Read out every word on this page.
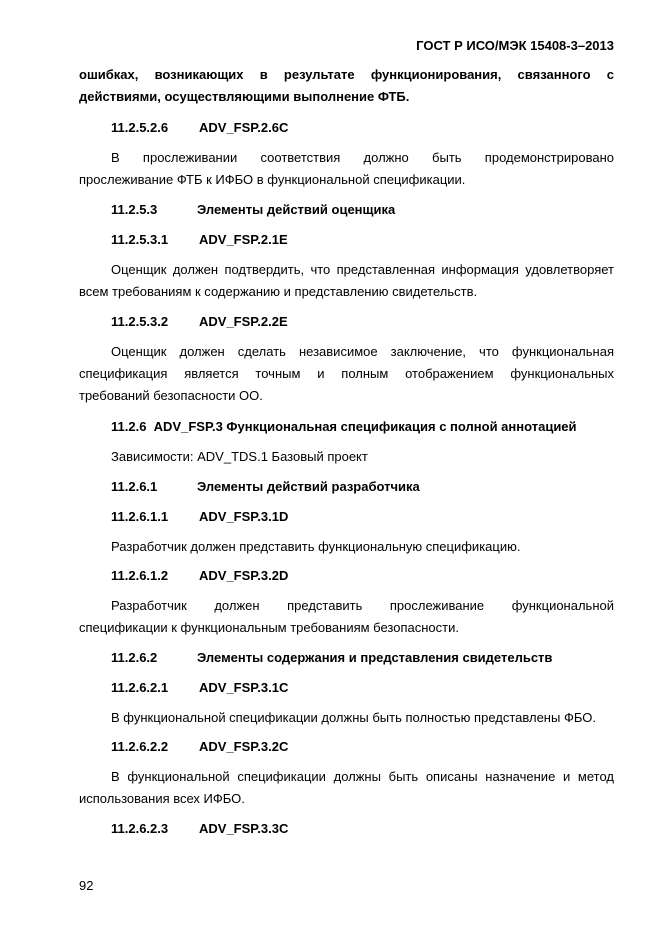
ГОСТ Р ИСО/МЭК 15408-3–2013
ошибках, возникающих в результате функционирования, связанного с
действиями, осуществляющими выполнение ФТБ.
11.2.5.2.6 ADV_FSP.2.6C
В прослеживании соответствия должно быть продемонстрировано
прослеживание ФТБ к ИФБО в функциональной спецификации.
11.2.5.3	Элементы действий оценщика
11.2.5.3.1 ADV_FSP.2.1E
Оценщик должен подтвердить, что представленная информация удовлетворяет
всем требованиям к содержанию и представлению свидетельств.
11.2.5.3.2 ADV_FSP.2.2E
Оценщик должен сделать независимое заключение, что функциональная
спецификация является точным и полным отображением функциональных
требований безопасности ОО.
11.2.6 ADV_FSP.3 Функциональная спецификация с полной аннотацией
Зависимости: ADV_TDS.1 Базовый проект
11.2.6.1	Элементы действий разработчика
11.2.6.1.1 ADV_FSP.3.1D
Разработчик должен представить функциональную спецификацию.
11.2.6.1.2 ADV_FSP.3.2D
Разработчик должен представить прослеживание функциональной
спецификации к функциональным требованиям безопасности.
11.2.6.2	Элементы содержания и представления свидетельств
11.2.6.2.1 ADV_FSP.3.1C
В функциональной спецификации должны быть полностью представлены ФБО.
11.2.6.2.2 ADV_FSP.3.2C
В функциональной спецификации должны быть описаны назначение и метод
использования всех ИФБО.
11.2.6.2.3 ADV_FSP.3.3C
92
